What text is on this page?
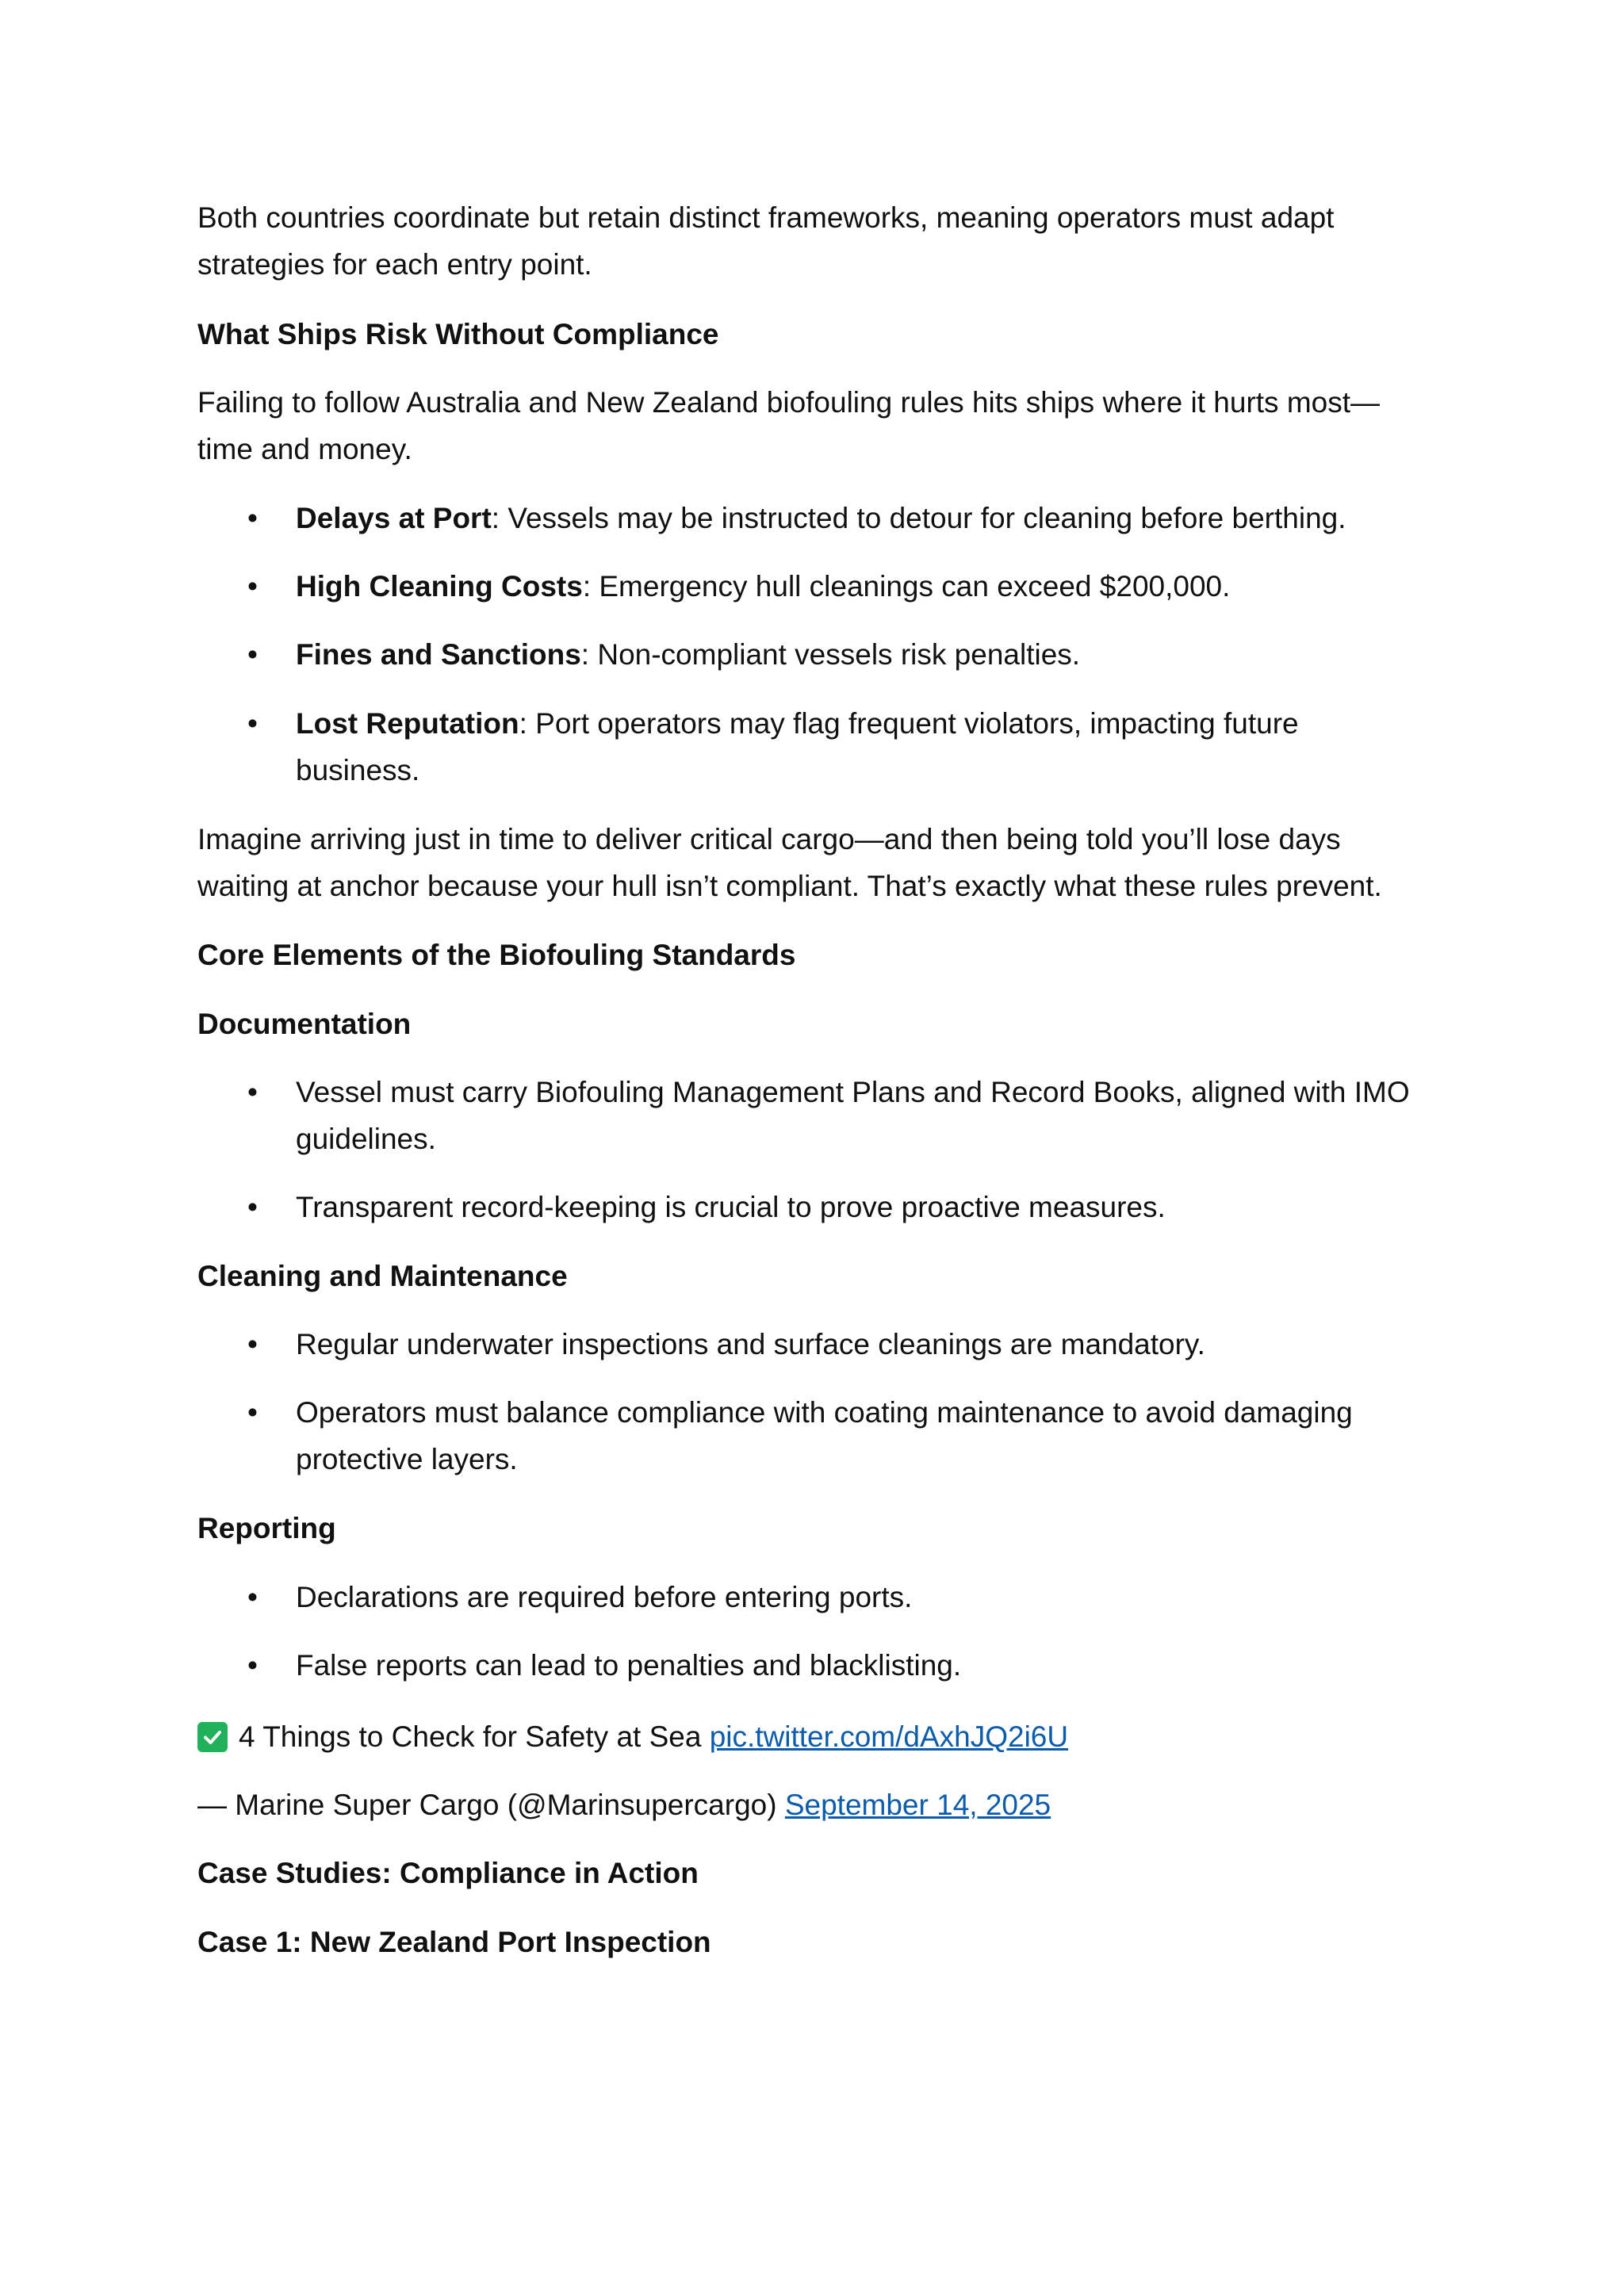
Both countries coordinate but retain distinct frameworks, meaning operators must adapt
strategies for each entry point.

What Ships Risk Without Compliance

Failing to follow Australia and New Zealand biofouling rules hits ships where it hurts most—
time and money.

• Delays at Port: Vessels may be instructed to detour for cleaning before berthing.

• High Cleaning Costs: Emergency hull cleanings can exceed $200,000.

• Fines and Sanctions: Non-compliant vessels risk penalties.

• Lost Reputation: Port operators may flag frequent violators, impacting future
business.

Imagine arriving just in time to deliver critical cargo—and then being told you’ll lose days
waiting at anchor because your hull isn’t compliant. That’s exactly what these rules prevent.

Core Elements of the Biofouling Standards

Documentation

• Vessel must carry Biofouling Management Plans and Record Books, aligned with IMO
guidelines.

• Transparent record-keeping is crucial to prove proactive measures.

Cleaning and Maintenance

• Regular underwater inspections and surface cleanings are mandatory.

• Operators must balance compliance with coating maintenance to avoid damaging
protective layers.

Reporting

• Declarations are required before entering ports.

• False reports can lead to penalties and blacklisting.

4 Things to Check for Safety at Sea pic.twitter.com/dAxhJQ2i6U

— Marine Super Cargo (@Marinsupercargo) September 14, 2025

Case Studies: Compliance in Action

Case 1: New Zealand Port Inspection
